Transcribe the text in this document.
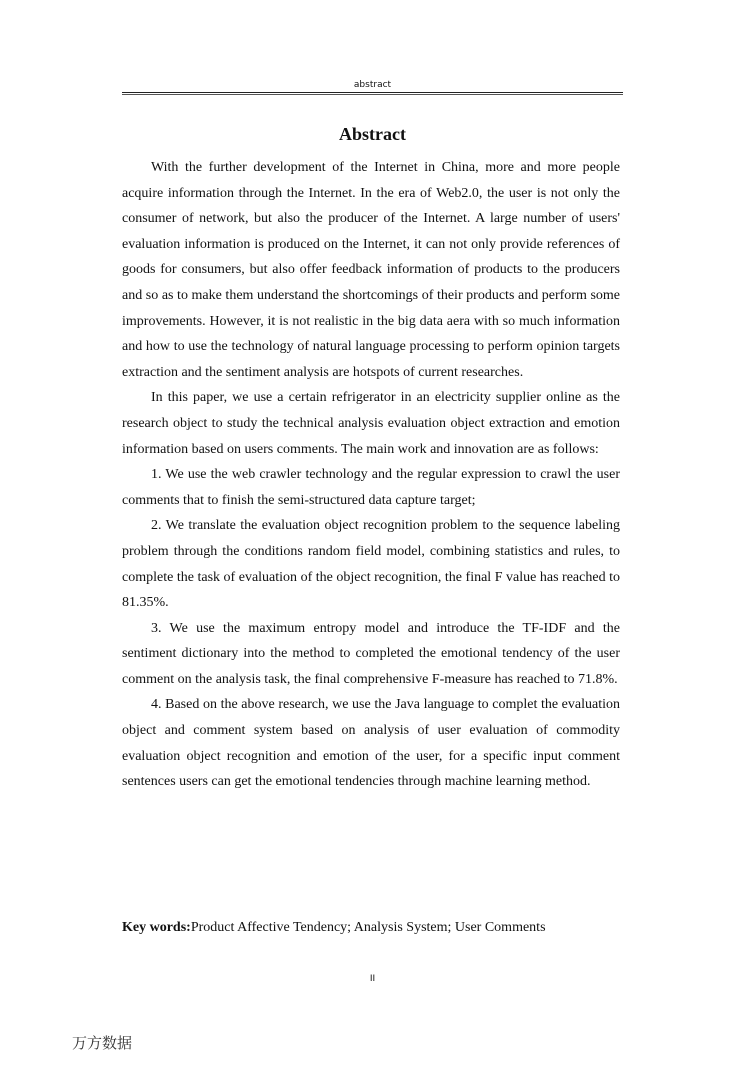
abstract
Abstract

With the further development of the Internet in China, more and more people acquire information through the Internet. In the era of Web2.0, the user is not only the consumer of network, but also the producer of the Internet. A large number of users' evaluation information is produced on the Internet, it can not only provide references of goods for consumers, but also offer feedback information of products to the producers and so as to make them understand the shortcomings of their products and perform some improvements. However, it is not realistic in the big data aera with so much information and how to use the technology of natural language processing to perform opinion targets extraction and the sentiment analysis are hotspots of current researches.

In this paper, we use a certain refrigerator in an electricity supplier online as the research object to study the technical analysis evaluation object extraction and emotion information based on users comments. The main work and innovation are as follows:

1. We use the web crawler technology and the regular expression to crawl the user comments that to finish the semi-structured data capture target;

2. We translate the evaluation object recognition problem to the sequence labeling problem through the conditions random field model, combining statistics and rules, to complete the task of evaluation of the object recognition, the final F value has reached to 81.35%.

3. We use the maximum entropy model and introduce the TF-IDF and the sentiment dictionary into the method to completed the emotional tendency of the user comment on the analysis task, the final comprehensive F-measure has reached to 71.8%.

4. Based on the above research, we use the Java language to complet the evaluation object and comment system based on analysis of user evaluation of commodity evaluation object recognition and emotion of the user, for a specific input comment sentences users can get the emotional tendencies through machine learning method.

Key words:Product Affective Tendency; Analysis System; User Comments
II
万方数据
